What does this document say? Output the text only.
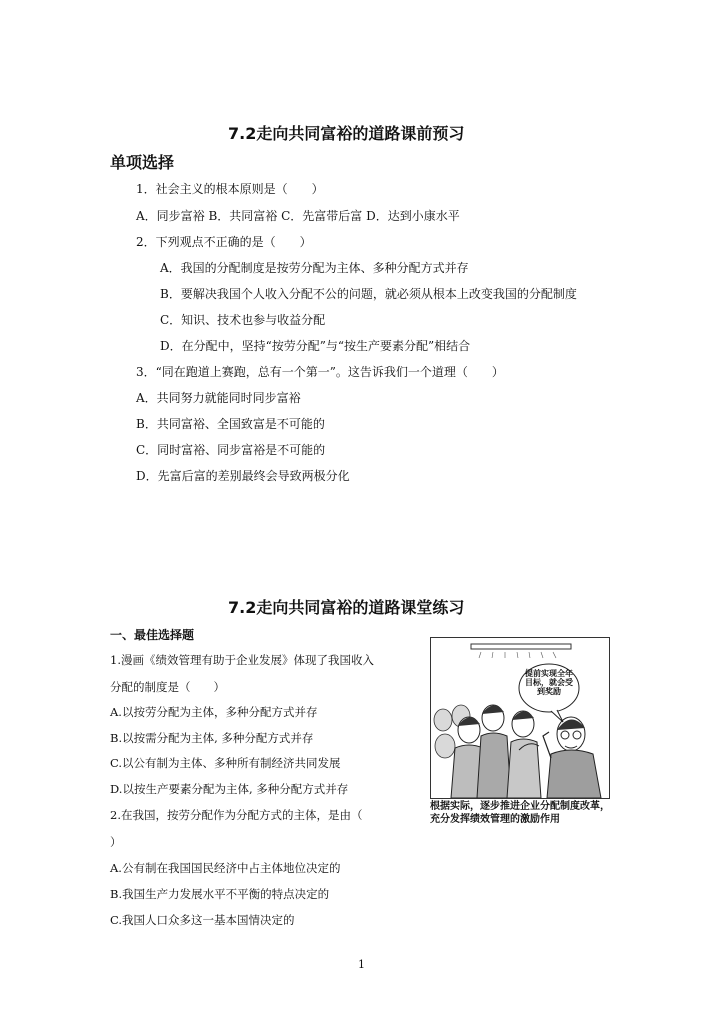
7.2走向共同富裕的道路课前预习
单项选择
1．社会主义的根本原则是（　　）
A．同步富裕 B．共同富裕 C．先富带后富 D．达到小康水平
2．下列观点不正确的是（　　）
A．我国的分配制度是按劳分配为主体、多种分配方式并存
B．要解决我国个人收入分配不公的问题，就必须从根本上改变我国的分配制度
C．知识、技术也参与收益分配
D．在分配中，坚持“按劳分配”与“按生产要素分配”相结合
3．“同在跑道上赛跑，总有一个第一”。这告诉我们一个道理（　　）
A．共同努力就能同时同步富裕
B．共同富裕、全国致富是不可能的
C．同时富裕、同步富裕是不可能的
D．先富后富的差别最终会导致两极分化
7.2走向共同富裕的道路课堂练习
一、最佳选择题
1.漫画《绩效管理有助于企业发展》体现了我国收入
分配的制度是（　　）
A.以按劳分配为主体，多种分配方式并存
B.以按需分配为主体, 多种分配方式并存
C.以公有制为主体、多种所有制经济共同发展
D.以按生产要素分配为主体, 多种分配方式并存
2.在我国，按劳分配作为分配方式的主体，是由（
）
A.公有制在我国国民经济中占主体地位决定的
B.我国生产力发展水平不平衡的特点决定的
C.我国人口众多这一基本国情决定的
提前实现全年目标，就会受到奖励
根据实际，逐步推进企业分配制度改革，充分发挥绩效管理的激励作用
1
